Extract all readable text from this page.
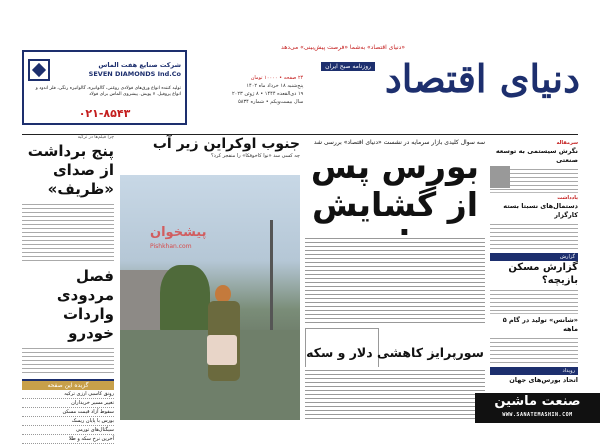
شرکت صنایع هفت الماس
SEVEN DIAMONDS Ind.Co
تولید کننده انواع ورق‌های فولادی روغنی، گالوانیزه، گالوانیزه رنگی، فلز اندود و انواع پروفیل. ۷ پویش. پیشروی الماس برای فولاد
۰۲۱-۸۵۴۳
«دنیای اقتصاد» به‌شما «فرصت پیش‌بینی» می‌دهد
دنیای اقتصاد
روزنامه صبح ایران
۲۴ صفحه • ۱۰۰۰۰ تومان
پنج‌شنبه ۱۸ خرداد ماه ۱۴۰۲
۱۹ ذی‌القعده ۱۴۴۴ • ۸ ژوئن ۲۰۲۳
سال بیست‌ویکم • شماره ۵۸۳۴
چرا فیلم‌ها در ترکیه
پنج برداشت از صدای «ظریف»
فصل مردودی واردات خودرو
گزیده این صفحه
رونق کاسبی ارزی ترکیه
تغییر مسیر خریداران
سقوط آزاد قیمت مسکن
بورس با پایان ریسک
سیگنال‌های تورمی
آخرین نرخ سکه و طلا
جنوب اوکراین زیر آب
چه کسی سد «نوا کاخوفکا» را منفجر کرد؟
پیشخوان
Pishkhan.com
سه سوال کلیدی بازار سرمایه در نشست «دنیای اقتصاد» بررسی شد
بورس پس از گشایش
سورپرایز کاهشی دلار و سکه
سرمقاله
نگرش سیستمی به توسعه صنعتی
یادداشت
دستمال‌های نسبتا بسته کارگزار
گزارش
گزارش مسکن بازیچه؟
«شانس» تولید در گام ۵ ماهه
رویداد
اتحاد بورس‌های جهان
صنعت ماشین
WWW.SANATEMASHIN.COM
